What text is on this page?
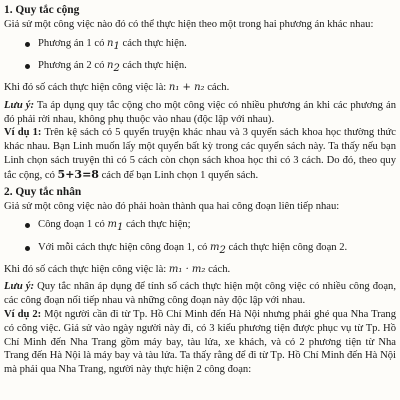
1. Quy tắc cộng

Giả sử một công việc nào đó có thể thực hiện theo một trong hai phương án khác nhau:

Phương án 1 có $n_1$ cách thực hiện.
Phương án 2 có $n_2$ cách thực hiện.

Khi đó số cách thực hiện công việc là: n₁ + n₂ cách.

Lưu ý: Ta áp dụng quy tắc cộng cho một công việc có nhiều phương án khi các phương án đó phải rời nhau, không phụ thuộc vào nhau (độc lập với nhau).

Ví dụ 1: Trên kệ sách có 5 quyển truyện khác nhau và 3 quyển sách khoa học thường thức khác nhau. Bạn Linh muốn lấy một quyển bất kỳ trong các quyển sách này. Ta thấy nếu bạn Linh chọn sách truyện thì có 5 cách còn chọn sách khoa học thì có 3 cách. Do đó, theo quy tắc cộng, có 5+3=8 cách để bạn Linh chọn 1 quyển sách.

2. Quy tắc nhân

Giả sử một công việc nào đó phải hoàn thành qua hai công đoạn liên tiếp nhau:

Công đoạn 1 có $m_1$ cách thực hiện;
Với mỗi cách thực hiện công đoạn 1, có $m_2$ cách thực hiện công đoạn 2.

Khi đó số cách thực hiện công việc là: m₁ · m₂ cách.

Lưu ý: Quy tắc nhân áp dụng để tính số cách thực hiện một công việc có nhiều công đoạn, các công đoạn nối tiếp nhau và những công đoạn này độc lập với nhau.

Ví dụ 2: Một người cần đi từ Tp. Hồ Chí Minh đến Hà Nội nhưng phải ghé qua Nha Trang có công việc. Giả sử vào ngày người này đi, có 3 kiểu phương tiện được phục vụ từ Tp. Hồ Chí Minh đến Nha Trang gồm máy bay, tàu lửa, xe khách, và có 2 phương tiện từ Nha Trang đến Hà Nội là máy bay và tàu lửa. Ta thấy rằng để đi từ Tp. Hồ Chí Minh đến Hà Nội mà phải qua Nha Trang, người này thực hiện 2 công đoạn:
